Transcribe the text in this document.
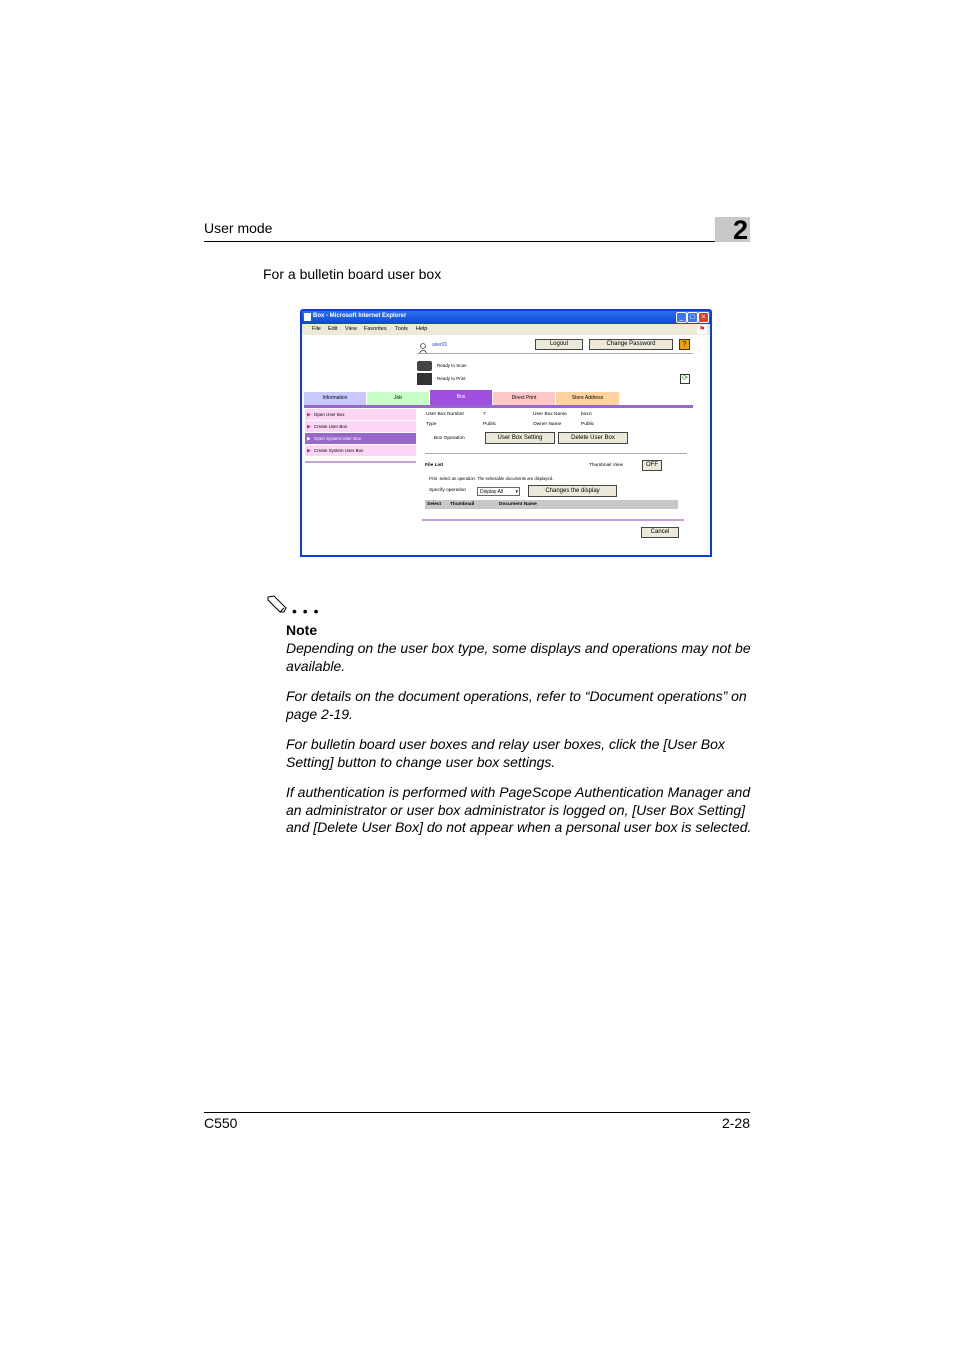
User mode	2
For a bulletin board user box
Box - Microsoft Internet Explorer	_ □ ×
File Edit View Favorites Tools Help	⚑
user01	Logout	Change Password	?
Ready to Scan
Ready to Print	⟳
Information	Job	Box	Direct Print	Store Address
▶ Open User Box
▶ Create User Box
▶ Open System User Box
▶ Create System User Box
User Box Number	7	User Box Name	boxA
Type	Public	Owner Name	Public
Box Operation	User Box Setting	Delete User Box
File List	Thumbnail View	OFF
First, select an operation. The selectable documents are displayed.
Specify operation	Display All ▾	Changes the display
Select Thumbnail	Document Name
Cancel
• • •
Note
Depending on the user box type, some displays and operations may not be available.
For details on the document operations, refer to “Document operations” on page 2-19.
For bulletin board user boxes and relay user boxes, click the [User Box Setting] button to change user box settings.
If authentication is performed with PageScope Authentication Manager and an administrator or user box administrator is logged on, [User Box Setting] and [Delete User Box] do not appear when a personal user box is selected.
C550	2-28
